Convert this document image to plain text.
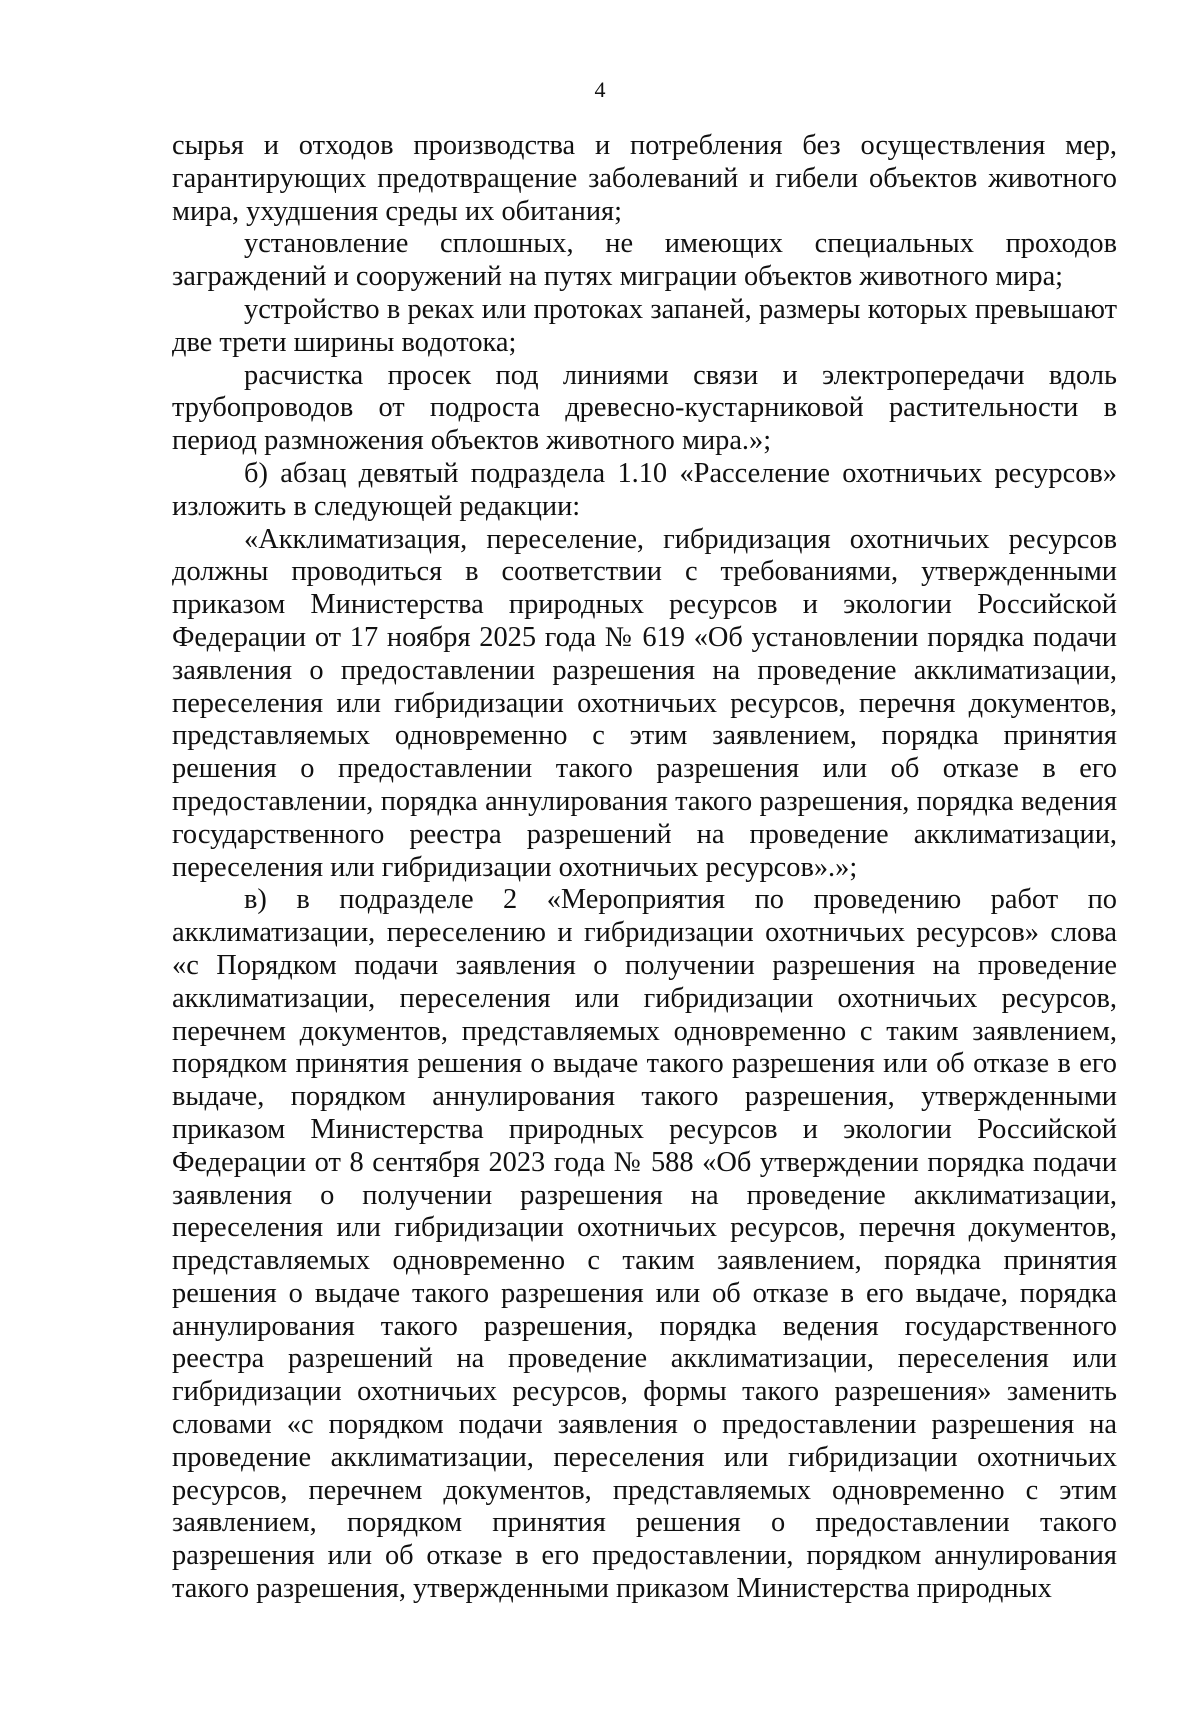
4

сырья и отходов производства и потребления без осуществления мер, гарантирующих предотвращение заболеваний и гибели объектов животного мира, ухудшения среды их обитания;

установление сплошных, не имеющих специальных проходов заграждений и сооружений на путях миграции объектов животного мира;

устройство в реках или протоках запаней, размеры которых превышают две трети ширины водотока;

расчистка просек под линиями связи и электропередачи вдоль трубопроводов от подроста древесно-кустарниковой растительности в период размножения объектов животного мира.»;

б) абзац девятый подраздела 1.10 «Расселение охотничьих ресурсов» изложить в следующей редакции:

«Акклиматизация, переселение, гибридизация охотничьих ресурсов должны проводиться в соответствии с требованиями, утвержденными приказом Министерства природных ресурсов и экологии Российской Федерации от 17 ноября 2025 года № 619 «Об установлении порядка подачи заявления о предоставлении разрешения на проведение акклиматизации, переселения или гибридизации охотничьих ресурсов, перечня документов, представляемых одновременно с этим заявлением, порядка принятия решения о предоставлении такого разрешения или об отказе в его предоставлении, порядка аннулирования такого разрешения, порядка ведения государственного реестра разрешений на проведение акклиматизации, переселения или гибридизации охотничьих ресурсов».»;

в) в подразделе 2 «Мероприятия по проведению работ по акклиматизации, переселению и гибридизации охотничьих ресурсов» слова «с Порядком подачи заявления о получении разрешения на проведение акклиматизации, переселения или гибридизации охотничьих ресурсов, перечнем документов, представляемых одновременно с таким заявлением, порядком принятия решения о выдаче такого разрешения или об отказе в его выдаче, порядком аннулирования такого разрешения, утвержденными приказом Министерства природных ресурсов и экологии Российской Федерации от 8 сентября 2023 года № 588 «Об утверждении порядка подачи заявления о получении разрешения на проведение акклиматизации, переселения или гибридизации охотничьих ресурсов, перечня документов, представляемых одновременно с таким заявлением, порядка принятия решения о выдаче такого разрешения или об отказе в его выдаче, порядка аннулирования такого разрешения, порядка ведения государственного реестра разрешений на проведение акклиматизации, переселения или гибридизации охотничьих ресурсов, формы такого разрешения» заменить словами «с порядком подачи заявления о предоставлении разрешения на проведение акклиматизации, переселения или гибридизации охотничьих ресурсов, перечнем документов, представляемых одновременно с этим заявлением, порядком принятия решения о предоставлении такого разрешения или об отказе в его предоставлении, порядком аннулирования такого разрешения, утвержденными приказом Министерства природных
